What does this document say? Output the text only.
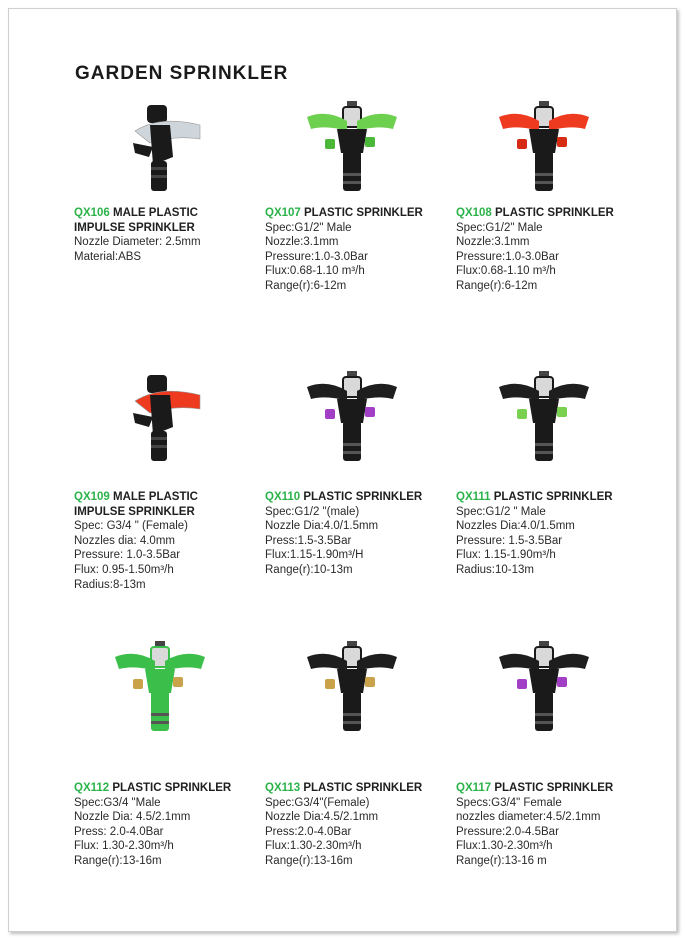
GARDEN SPRINKLER
QX106 MALE PLASTIC
IMPULSE SPRINKLER
Nozzle Diameter: 2.5mm
Material:ABS
QX107 PLASTIC SPRINKLER
Spec:G1/2" Male
Nozzle:3.1mm
Pressure:1.0-3.0Bar
Flux:0.68-1.10 m³/h
Range(r):6-12m
QX108 PLASTIC SPRINKLER
Spec:G1/2" Male
Nozzle:3.1mm
Pressure:1.0-3.0Bar
Flux:0.68-1.10 m³/h
Range(r):6-12m
QX109 MALE PLASTIC
IMPULSE SPRINKLER
Spec: G3/4 " (Female)
Nozzles dia: 4.0mm
Pressure: 1.0-3.5Bar
Flux: 0.95-1.50m³/h
Radius:8-13m
QX110 PLASTIC SPRINKLER
Spec:G1/2 "(male)
Nozzle Dia:4.0/1.5mm
Press:1.5-3.5Bar
Flux:1.15-1.90m³/H
Range(r):10-13m
QX111 PLASTIC SPRINKLER
Spec:G1/2 " Male
Nozzles Dia:4.0/1.5mm
Pressure: 1.5-3.5Bar
Flux: 1.15-1.90m³/h
Radius:10-13m
QX112 PLASTIC SPRINKLER
Spec:G3/4 "Male
Nozzle Dia: 4.5/2.1mm
Press: 2.0-4.0Bar
Flux: 1.30-2.30m³/h
Range(r):13-16m
QX113 PLASTIC SPRINKLER
Spec:G3/4"(Female)
Nozzle Dia:4.5/2.1mm
Press:2.0-4.0Bar
Flux:1.30-2.30m³/h
Range(r):13-16m
QX117 PLASTIC SPRINKLER
Specs:G3/4" Female
nozzles diameter:4.5/2.1mm
Pressure:2.0-4.5Bar
Flux:1.30-2.30m³/h
Range(r):13-16 m
